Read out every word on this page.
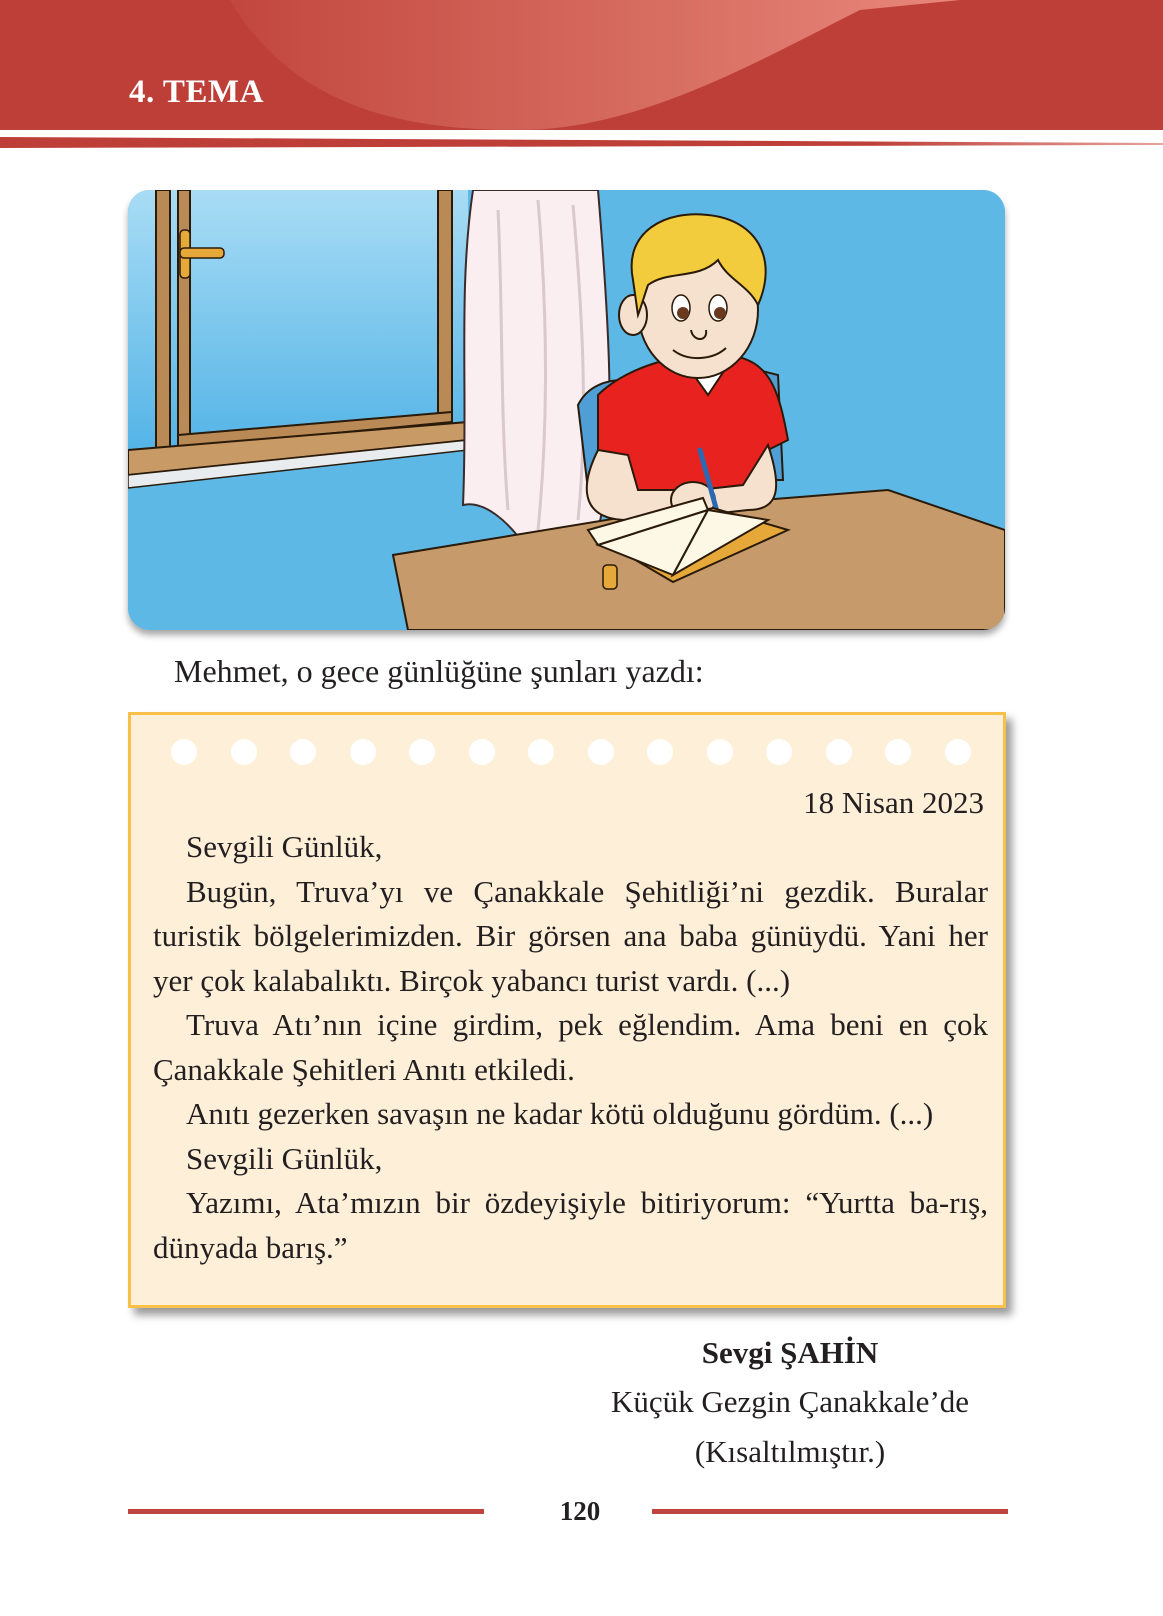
4. TEMA
Mehmet, o gece günlüğüne şunları yazdı:
18 Nisan 2023

Sevgili Günlük,

Bugün, Truva’yı ve Çanakkale Şehitliği’ni gezdik. Buralar turistik bölgelerimizden. Bir görsen ana baba günüydü. Yani her yer çok kalabalıktı. Birçok yabancı turist vardı. (...)

Truva Atı’nın içine girdim, pek eğlendim. Ama beni en çok Çanakkale Şehitleri Anıtı etkiledi.

Anıtı gezerken savaşın ne kadar kötü olduğunu gördüm. (...)

Sevgili Günlük,

Yazımı, Ata’mızın bir özdeyişiyle bitiriyorum: “Yurtta ba-rış, dünyada barış.”

Sevgi ŞAHİN
Küçük Gezgin Çanakkale’de
(Kısaltılmıştır.)
120
